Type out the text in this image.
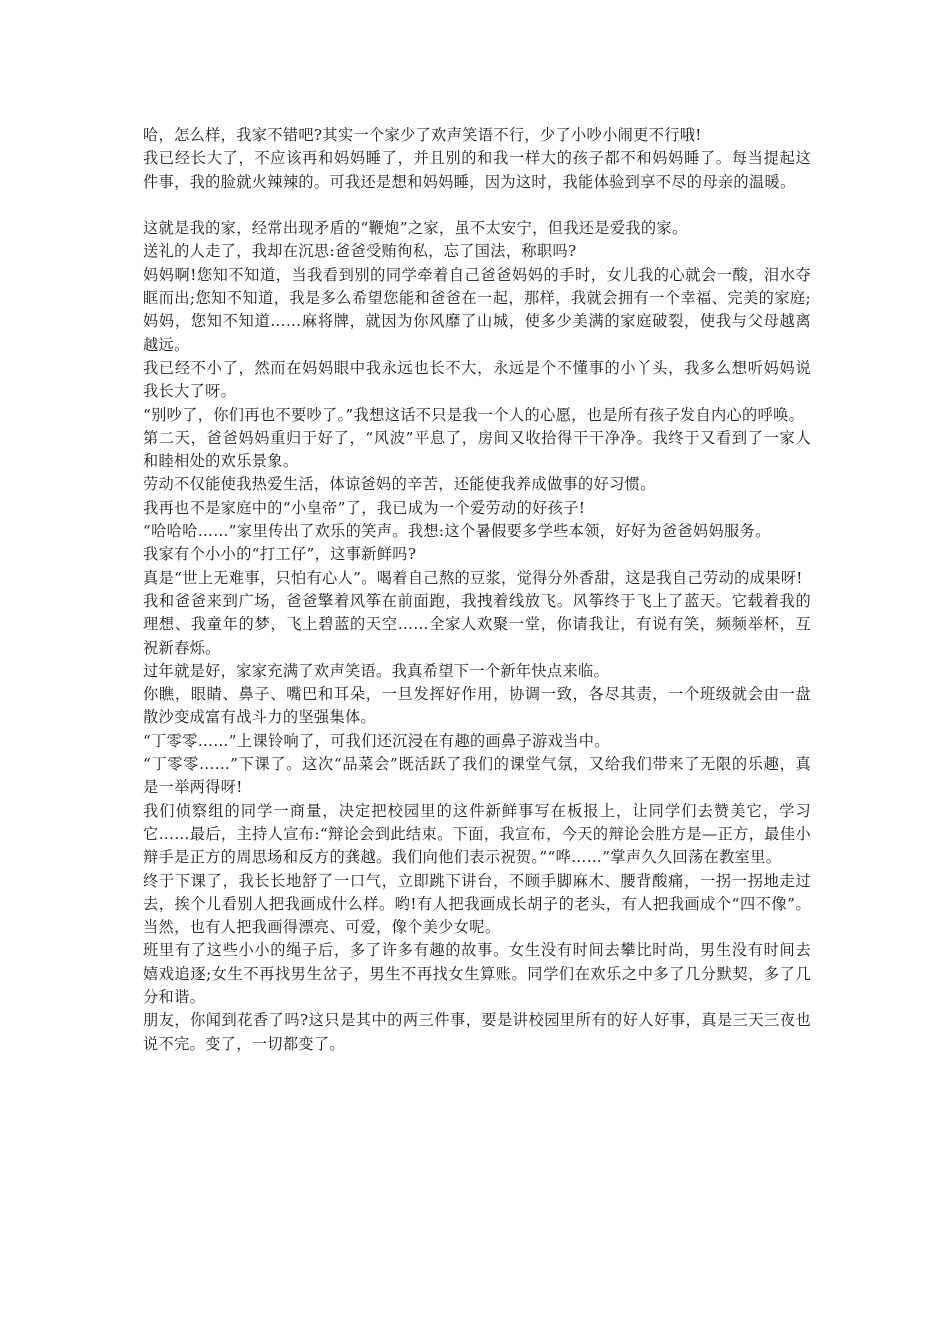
哈，怎么样，我家不错吧?其实一个家少了欢声笑语不行，少了小吵小闹更不行哦!

我已经长大了，不应该再和妈妈睡了，并且别的和我一样大的孩子都不和妈妈睡了。每当提起这件事，我的脸就火辣辣的。可我还是想和妈妈睡，因为这时，我能体验到享不尽的母亲的温暖。

这就是我的家，经常出现矛盾的“鞭炮”之家，虽不太安宁，但我还是爱我的家。

送礼的人走了，我却在沉思:爸爸受贿徇私，忘了国法，称职吗?

妈妈啊!您知不知道，当我看到别的同学牵着自己爸爸妈妈的手时，女儿我的心就会一酸，泪水夺眶而出;您知不知道，我是多么希望您能和爸爸在一起，那样，我就会拥有一个幸福、完美的家庭;妈妈，您知不知道……麻将牌，就因为你风靡了山城，使多少美满的家庭破裂，使我与父母越离越远。

我已经不小了，然而在妈妈眼中我永远也长不大，永远是个不懂事的小丫头，我多么想听妈妈说我长大了呀。

“别吵了，你们再也不要吵了。”我想这话不只是我一个人的心愿，也是所有孩子发自内心的呼唤。

第二天，爸爸妈妈重归于好了，“风波”平息了，房间又收拾得干干净净。我终于又看到了一家人和睦相处的欢乐景象。

劳动不仅能使我热爱生活，体谅爸妈的辛苦，还能使我养成做事的好习惯。

我再也不是家庭中的“小皇帝”了，我已成为一个爱劳动的好孩子!

“哈哈哈……”家里传出了欢乐的笑声。我想:这个暑假要多学些本领，好好为爸爸妈妈服务。

我家有个小小的“打工仔”，这事新鲜吗?

真是“世上无难事，只怕有心人”。喝着自己熬的豆浆，觉得分外香甜，这是我自己劳动的成果呀!

我和爸爸来到广场，爸爸擎着风筝在前面跑，我拽着线放飞。风筝终于飞上了蓝天。它载着我的理想、我童年的梦，飞上碧蓝的天空……全家人欢聚一堂，你请我让，有说有笑，频频举杯，互祝新春烁。

过年就是好，家家充满了欢声笑语。我真希望下一个新年快点来临。

你瞧，眼睛、鼻子、嘴巴和耳朵，一旦发挥好作用，协调一致，各尽其责，一个班级就会由一盘散沙变成富有战斗力的坚强集体。

“丁零零……”上课铃响了，可我们还沉浸在有趣的画鼻子游戏当中。

“丁零零……”下课了。这次“品菜会”既活跃了我们的课堂气氛，又给我们带来了无限的乐趣，真是一举两得呀!

我们侦察组的同学一商量，决定把校园里的这件新鲜事写在板报上，让同学们去赞美它，学习它……最后，主持人宣布:“辩论会到此结束。下面，我宣布，今天的辩论会胜方是—正方，最佳小辩手是正方的周思场和反方的龚越。我们向他们表示祝贺。”“哗……”掌声久久回荡在教室里。

终于下课了，我长长地舒了一口气，立即跳下讲台，不顾手脚麻木、腰背酸痛，一拐一拐地走过去，挨个儿看别人把我画成什么样。哟!有人把我画成长胡子的老头，有人把我画成个“四不像”。当然，也有人把我画得漂亮、可爱，像个美少女呢。

班里有了这些小小的绳子后，多了许多有趣的故事。女生没有时间去攀比时尚，男生没有时间去嬉戏追逐;女生不再找男生岔子，男生不再找女生算账。同学们在欢乐之中多了几分默契，多了几分和谐。

朋友，你闻到花香了吗?这只是其中的两三件事，要是讲校园里所有的好人好事，真是三天三夜也说不完。变了，一切都变了。
